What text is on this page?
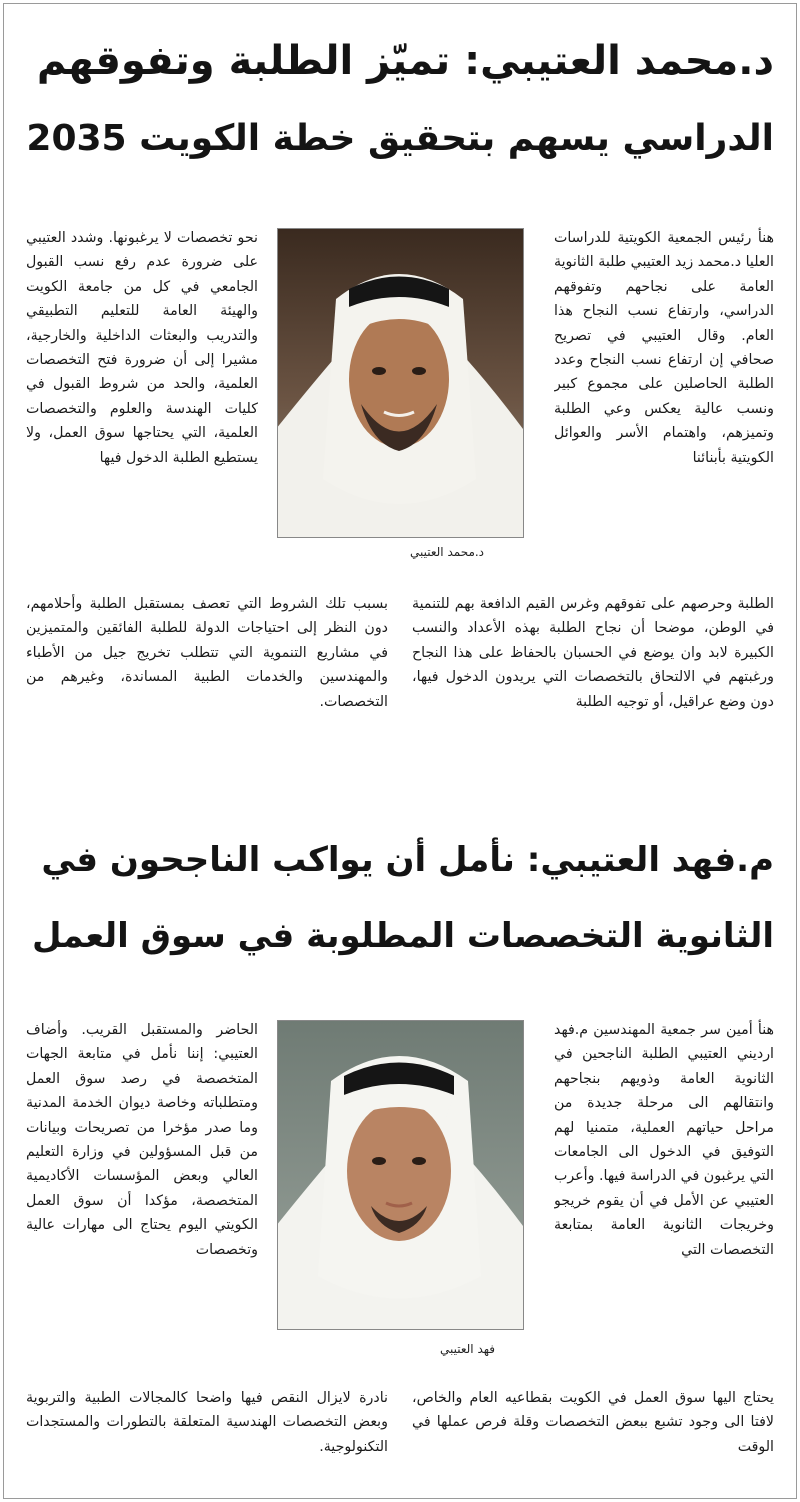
د.محمد العتيبي: تميّز الطلبة وتفوقهم
الدراسي يسهم بتحقيق خطة الكويت 2035
هنأ رئيس الجمعية الكويتية للدراسات العليا د.محمد زيد العتيبي طلبة الثانوية العامة على نجاحهم وتفوقهم الدراسي، وارتفاع نسب النجاح هذا العام. وقال العتيبي في تصريح صحافي إن ارتفاع نسب النجاح وعدد الطلبة الحاصلين على مجموع كبير ونسب عالية يعكس وعي الطلبة وتميزهم، واهتمام الأسر والعوائل الكويتية بأبنائنا
د.محمد العتيبي
نحو تخصصات لا يرغبونها. وشدد العتيبي على ضرورة عدم رفع نسب القبول الجامعي في كل من جامعة الكويت والهيئة العامة للتعليم التطبيقي والتدريب والبعثات الداخلية والخارجية، مشيرا إلى أن ضرورة فتح التخصصات العلمية، والحد من شروط القبول في كليات الهندسة والعلوم والتخصصات العلمية، التي يحتاجها سوق العمل، ولا يستطيع الطلبة الدخول فيها
الطلبة وحرصهم على تفوقهم وغرس القيم الدافعة بهم للتنمية في الوطن، موضحا أن نجاح الطلبة بهذه الأعداد والنسب الكبيرة لابد وان يوضع في الحسبان بالحفاظ على هذا النجاح ورغبتهم في الالتحاق بالتخصصات التي يريدون الدخول فيها، دون وضع عراقيل، أو توجيه الطلبة
بسبب تلك الشروط التي تعصف بمستقبل الطلبة وأحلامهم، دون النظر إلى احتياجات الدولة للطلبة الفائقين والمتميزين في مشاريع التنموية التي تتطلب تخريج جيل من الأطباء والمهندسين والخدمات الطبية المساندة، وغيرهم من التخصصات.
م.فهد العتيبي: نأمل أن يواكب الناجحون في
الثانوية التخصصات المطلوبة في سوق العمل
هنأ أمين سر جمعية المهندسين م.فهد ارديني العتيبي الطلبة الناجحين في الثانوية العامة وذويهم بنجاحهم وانتقالهم الى مرحلة جديدة من مراحل حياتهم العملية، متمنيا لهم التوفيق في الدخول الى الجامعات التي يرغبون في الدراسة فيها. وأعرب العتيبي عن الأمل في أن يقوم خريجو وخريجات الثانوية العامة بمتابعة التخصصات التي
فهد العتيبي
الحاضر والمستقبل القريب. وأضاف العتيبي: إننا نأمل في متابعة الجهات المتخصصة في رصد سوق العمل ومتطلباته وخاصة ديوان الخدمة المدنية وما صدر مؤخرا من تصريحات وبيانات من قبل المسؤولين في وزارة التعليم العالي وبعض المؤسسات الأكاديمية المتخصصة، مؤكدا أن سوق العمل الكويتي اليوم يحتاج الى مهارات عالية وتخصصات
يحتاج اليها سوق العمل في الكويت بقطاعيه العام والخاص، لافتا الى وجود تشبع ببعض التخصصات وقلة فرص عملها في الوقت
نادرة لايزال النقص فيها واضحا كالمجالات الطبية والتربوية وبعض التخصصات الهندسية المتعلقة بالتطورات والمستجدات التكنولوجية.
